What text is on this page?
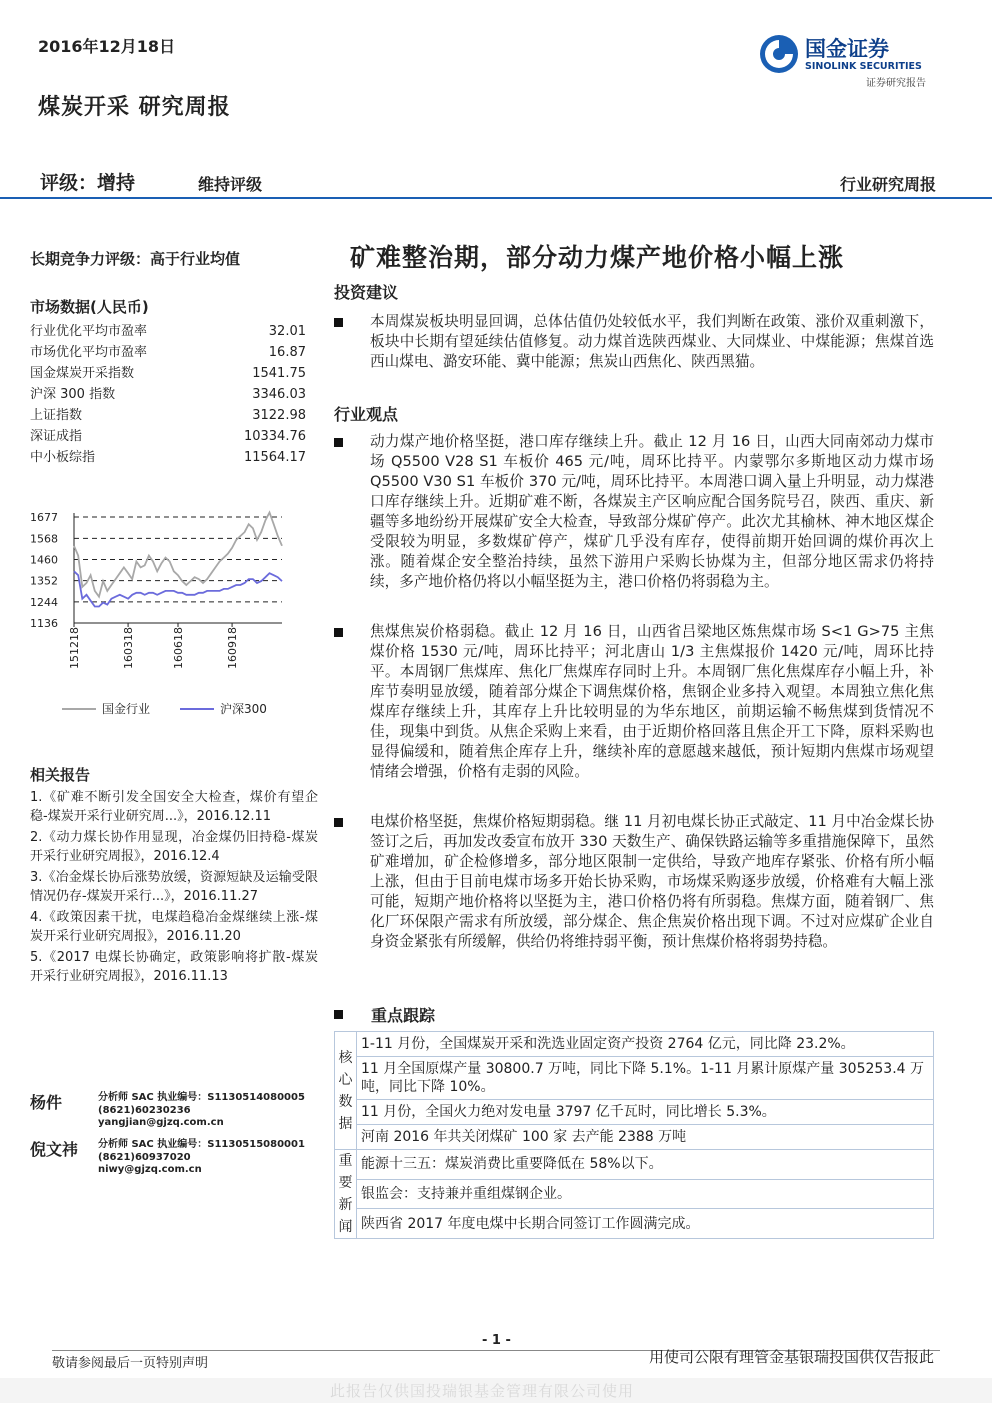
2016年12月18日
煤炭开采 研究周报
国金证券
SINOLINK SECURITIES
证券研究报告
评级：增持	维持评级	行业研究周报
长期竞争力评级：高于行业均值	矿难整治期，部分动力煤产地价格小幅上涨
市场数据(人民币)
行业优化平均市盈率	32.01
市场优化平均市盈率	16.87
国金煤炭开采指数	1541.75
沪深 300 指数	3346.03
上证指数	3122.98
深证成指	10334.76
中小板综指	11564.17
1677
1568
1460
1352
1244
1136
151218	160318	160618	160918
国金行业	沪深300
相关报告
1.《矿难不断引发全国安全大检查，煤价有望企稳-煤炭开采行业研究周...》，2016.12.11
2.《动力煤长协作用显现，冶金煤仍旧持稳-煤炭开采行业研究周报》，2016.12.4
3.《冶金煤长协后涨势放缓，资源短缺及运输受限情况仍存-煤炭开采行...》，2016.11.27
4.《政策因素干扰，电煤趋稳冶金煤继续上涨-煤炭开采行业研究周报》，2016.11.20
5.《2017 电煤长协确定，政策影响将扩散-煤炭开采行业研究周报》，2016.11.13
杨件	分析师 SAC 执业编号：S1130514080005
(8621)60230236
yangjian@gjzq.com.cn
倪文祎 分析师 SAC 执业编号：S1130515080001
(8621)60937020
niwy@gjzq.com.cn
投资建议
本周煤炭板块明显回调，总体估值仍处较低水平，我们判断在政策、涨价双重刺激下，板块中长期有望延续估值修复。动力煤首选陕西煤业、大同煤业、中煤能源；焦煤首选西山煤电、潞安环能、冀中能源；焦炭山西焦化、陕西黑猫。
行业观点
动力煤产地价格坚挺，港口库存继续上升。截止 12 月 16 日，山西大同南郊动力煤市场 Q5500 V28 S1 车板价 465 元/吨，周环比持平。内蒙鄂尔多斯地区动力煤市场 Q5500 V30 S1 车板价 370 元/吨，周环比持平。本周港口调入量上升明显，动力煤港口库存继续上升。近期矿难不断，各煤炭主产区响应配合国务院号召，陕西、重庆、新疆等多地纷纷开展煤矿安全大检查，导致部分煤矿停产。此次尤其榆林、神木地区煤企受限较为明显，多数煤矿停产，煤矿几乎没有库存，使得前期开始回调的煤价再次上涨。随着煤企安全整治持续，虽然下游用户采购长协煤为主，但部分地区需求仍将持续，多产地价格仍将以小幅坚挺为主，港口价格仍将弱稳为主。
焦煤焦炭价格弱稳。截止 12 月 16 日，山西省吕梁地区炼焦煤市场 S<1 G>75 主焦煤价格 1530 元/吨，周环比持平；河北唐山 1/3 主焦煤报价 1420 元/吨，周环比持平。本周钢厂焦煤库、焦化厂焦煤库存同时上升。本周钢厂焦化焦煤库存小幅上升，补库节奏明显放缓，随着部分煤企下调焦煤价格，焦钢企业多持入观望。本周独立焦化焦煤库存继续上升，其库存上升比较明显的为华东地区，前期运输不畅焦煤到货情况不佳，现集中到货。从焦企采购上来看，由于近期价格回落且焦企开工下降，原料采购也显得偏缓和，随着焦企库存上升，继续补库的意愿越来越低，预计短期内焦煤市场观望情绪会增强，价格有走弱的风险。
电煤价格坚挺，焦煤价格短期弱稳。继 11 月初电煤长协正式敲定、11 月中冶金煤长协签订之后，再加发改委宣布放开 330 天数生产、确保铁路运输等多重措施保障下，虽然矿难增加，矿企检修增多，部分地区限制一定供给，导致产地库存紧张、价格有所小幅上涨，但由于目前电煤市场多开始长协采购，市场煤采购逐步放缓，价格难有大幅上涨可能，短期产地价格将以坚挺为主，港口价格仍将有所弱稳。焦煤方面，随着钢厂、焦化厂环保限产需求有所放缓，部分煤企、焦企焦炭价格出现下调。不过对应煤矿企业自身资金紧张有所缓解，供给仍将维持弱平衡，预计焦煤价格将弱势持稳。
重点跟踪
核心数据	1-11 月份，全国煤炭开采和洗选业固定资产投资 2764 亿元，同比降 23.2%。
	11 月全国原煤产量 30800.7 万吨，同比下降 5.1%。1-11 月累计原煤产量 305253.4 万吨，同比下降 10%。
	11 月份，全国火力绝对发电量 3797 亿千瓦时，同比增长 5.3%。
	河南 2016 年共关闭煤矿 100 家 去产能 2388 万吨
重要新闻	能源十三五：煤炭消费比重要降低在 58%以下。
	银监会：支持兼并重组煤钢企业。
	陕西省 2017 年度电煤中长期合同签订工作圆满完成。
- 1 -
敬请参阅最后一页特别声明	用使司公限有理管金基银瑞投国供仅告报此
此报告仅供国投瑞银基金管理有限公司使用
